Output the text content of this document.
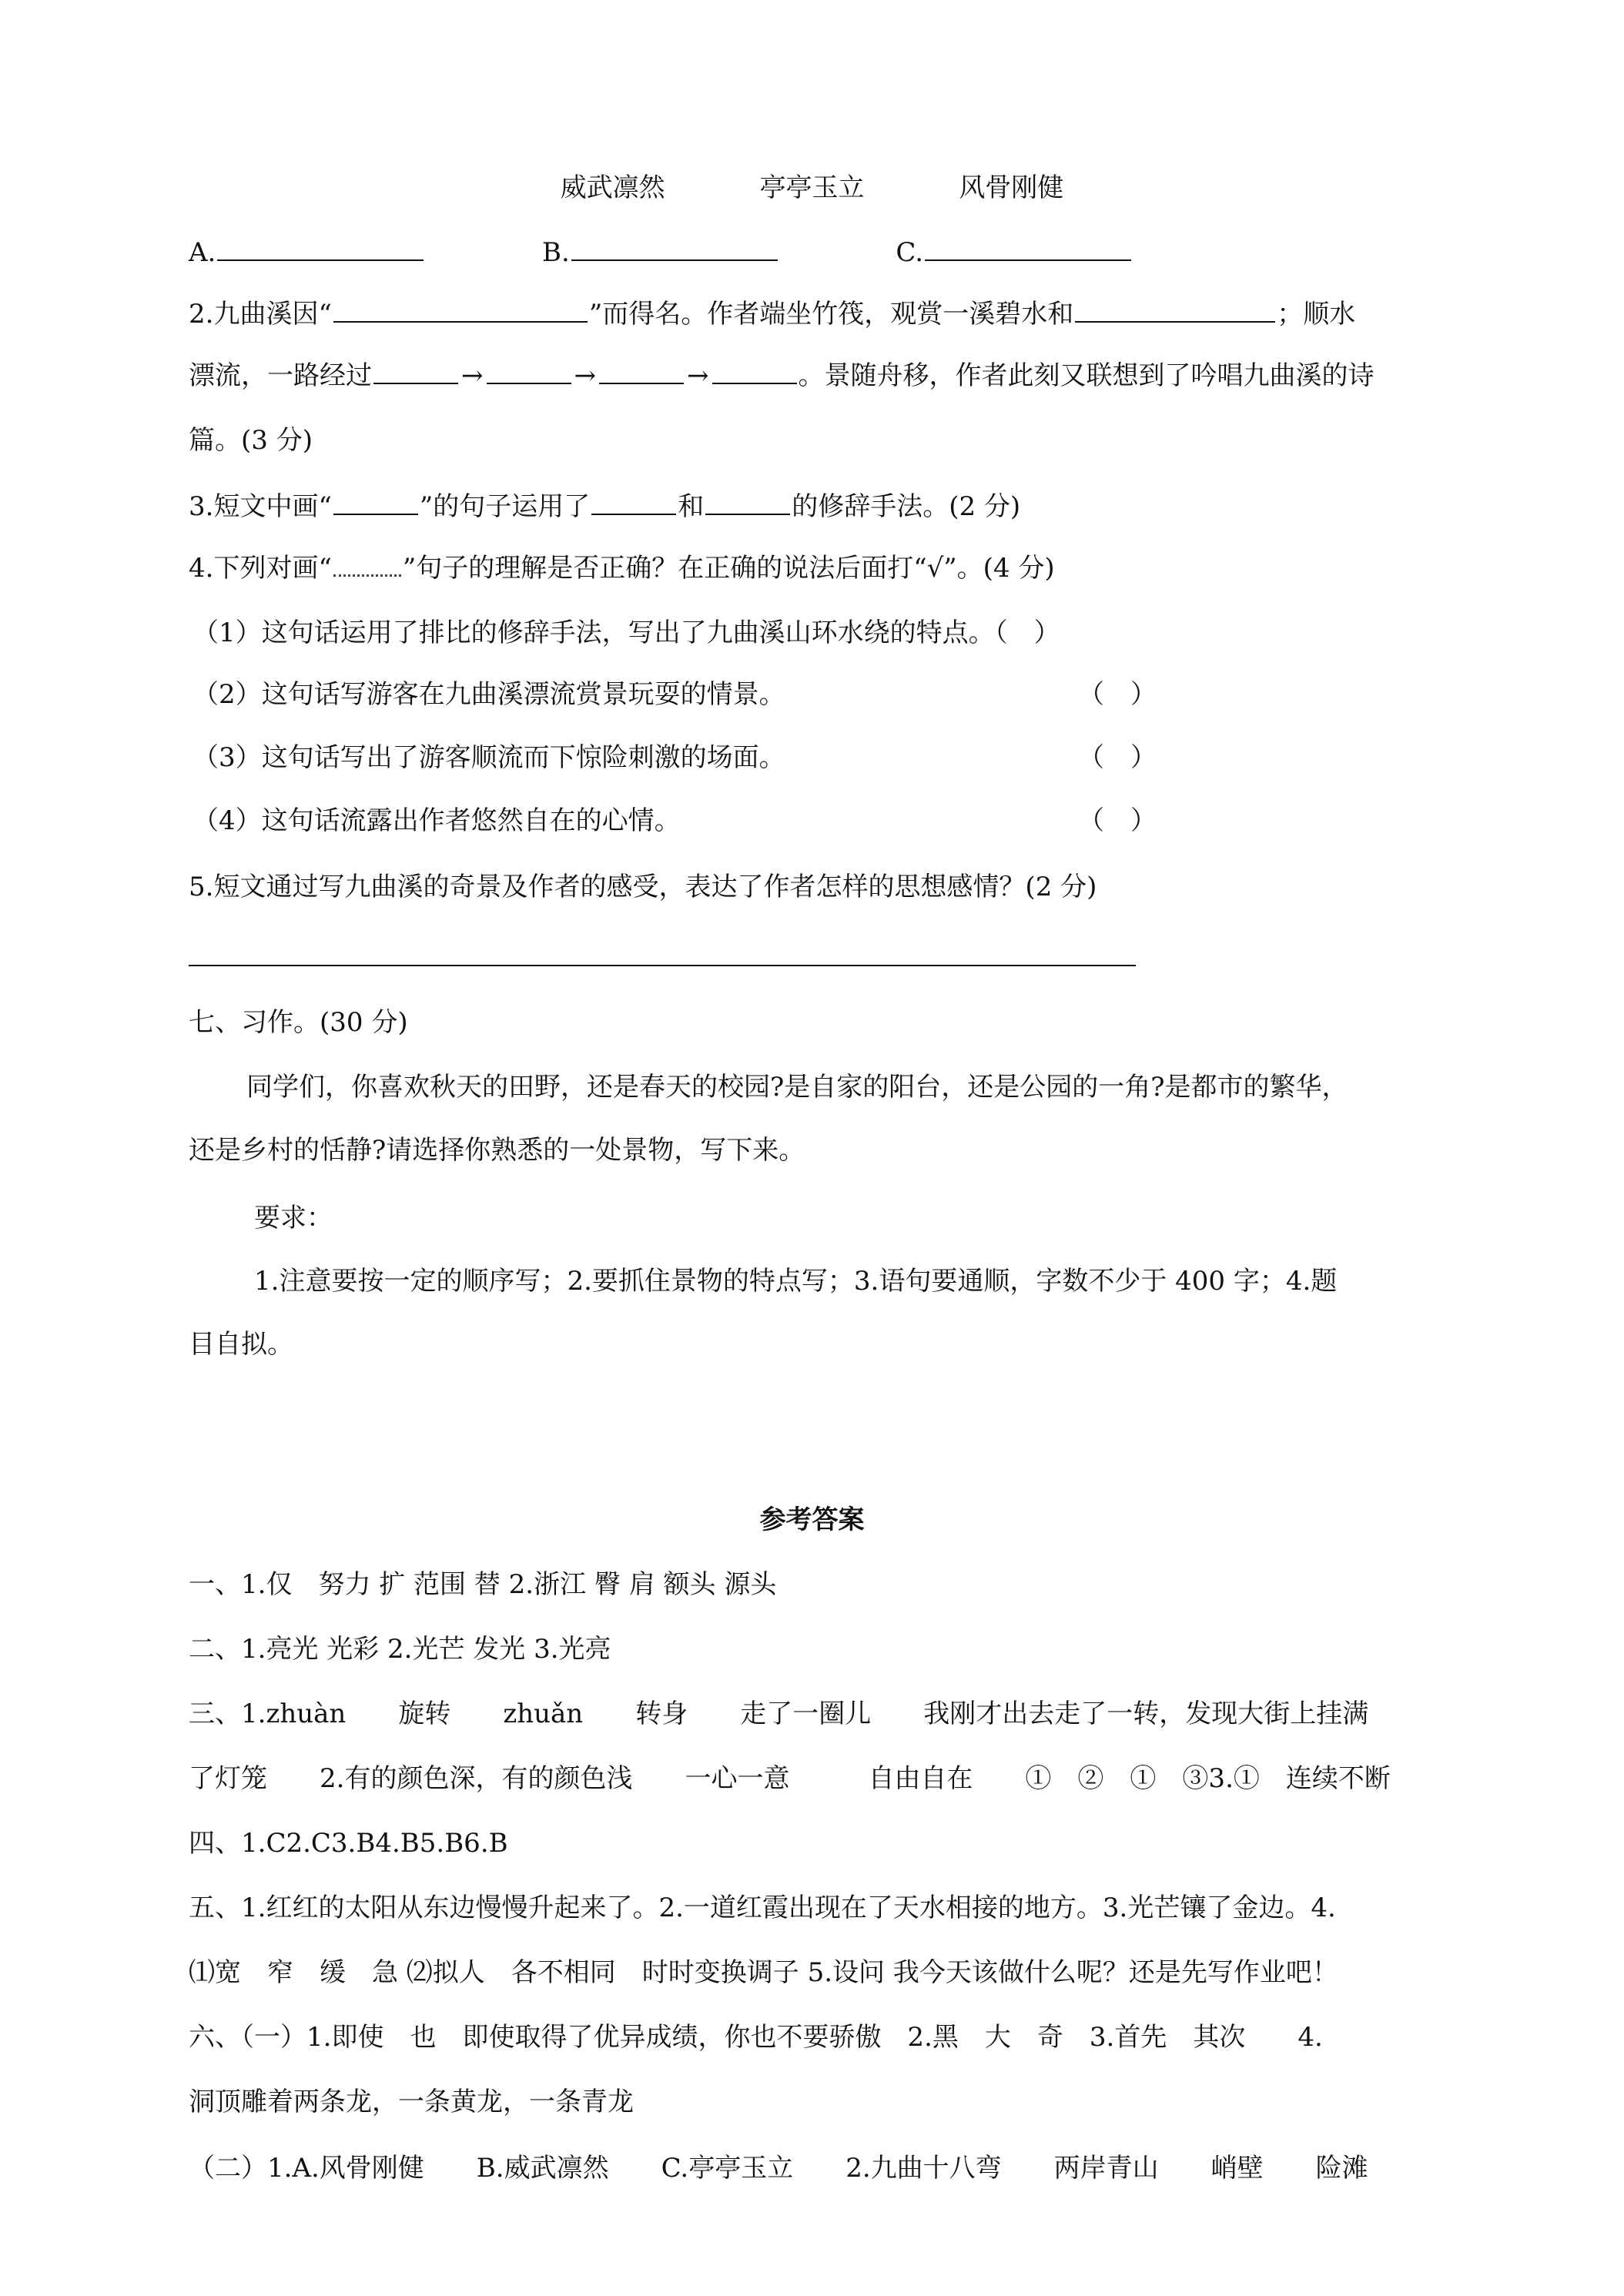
威武凛然	亭亭玉立	风骨刚健
A.	B.	C.
2.九曲溪因“	”而得名。作者端坐竹筏，观赏一溪碧水和	；顺水
漂流，一路经过	→	→	→	。景随舟移，作者此刻又联想到了吟唱九曲溪的诗
篇。(3 分)
3.短文中画“	”的句子运用了	和	的修辞手法。(2 分)
4.下列对画“	”句子的理解是否正确？在正确的说法后面打“√”。(4 分)
（1）这句话运用了排比的修辞手法，写出了九曲溪山环水绕的特点。（　）
（2）这句话写游客在九曲溪漂流赏景玩耍的情景。	（　）
（3）这句话写出了游客顺流而下惊险刺激的场面。	（　）
（4）这句话流露出作者悠然自在的心情。	（　）
5.短文通过写九曲溪的奇景及作者的感受，表达了作者怎样的思想感情？(2 分)
七、习作。(30 分)
同学们，你喜欢秋天的田野，还是春天的校园?是自家的阳台，还是公园的一角?是都市的繁华，
还是乡村的恬静?请选择你熟悉的一处景物，写下来。
要求：
1.注意要按一定的顺序写；2.要抓住景物的特点写；3.语句要通顺，字数不少于 400 字；4.题
目自拟。
参考答案
一、1.仅　努力 扩 范围 替 2.浙江 臀 肩 额头 源头
二、1.亮光 光彩 2.光芒 发光 3.光亮
三、1.zhuàn　　旋转　　zhuǎn　　转身　　走了一圈儿　　我刚才出去走了一转，发现大街上挂满
了灯笼　　2.有的颜色深，有的颜色浅　　一心一意　　　自由自在　　①　②　①　③3.①　连续不断
四、1.C2.C3.B4.B5.B6.B
五、1.红红的太阳从东边慢慢升起来了。2.一道红霞出现在了天水相接的地方。3.光芒镶了金边。4.
⑴宽　窄　缓　急 ⑵拟人　各不相同　时时变换调子 5.设问 我今天该做什么呢？还是先写作业吧！
六、（一）1.即使　也　即使取得了优异成绩，你也不要骄傲　2.黑　大　奇　3.首先　其次　　4.
洞顶雕着两条龙，一条黄龙，一条青龙
（二）1.A.风骨刚健　　B.威武凛然　　C.亭亭玉立　　2.九曲十八弯　　两岸青山　　峭壁　　险滩
